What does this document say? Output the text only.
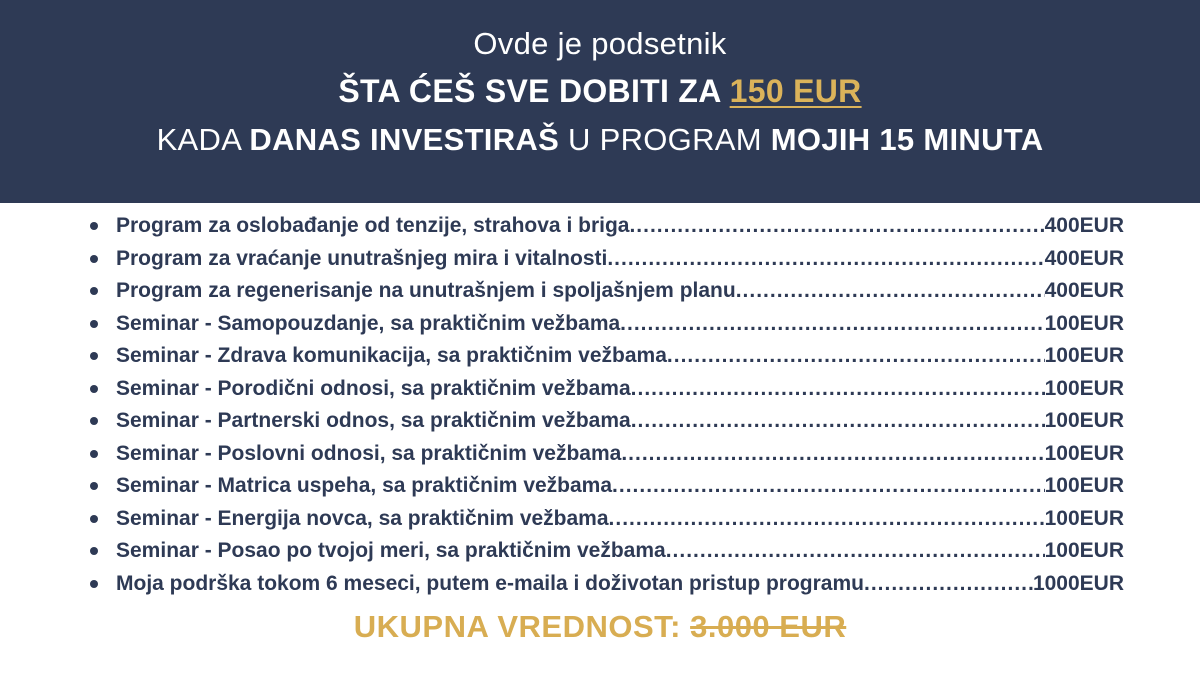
Ovde je podsetnik
ŠTA ĆEŠ SVE DOBITI ZA 150 EUR
KADA DANAS INVESTIRAŠ U PROGRAM MOJIH 15 MINUTA
Program za oslobađanje od tenzije, strahova i briga .....	400EUR
Program za vraćanje unutrašnjeg mira i vitalnosti .....	400EUR
Program za regenerisanje na unutrašnjem i spoljašnjem planu .....	400EUR
Seminar - Samopouzdanje, sa praktičnim vežbama .....	100EUR
Seminar - Zdrava komunikacija, sa praktičnim vežbama .....	100EUR
Seminar - Porodični odnosi, sa praktičnim vežbama .....	100EUR
Seminar - Partnerski odnos, sa praktičnim vežbama .....	100EUR
Seminar - Poslovni odnosi, sa praktičnim vežbama .....	100EUR
Seminar - Matrica uspeha, sa praktičnim vežbama .....	100EUR
Seminar - Energija novca, sa praktičnim vežbama .....	100EUR
Seminar - Posao po tvojoj meri, sa praktičnim vežbama .....	100EUR
Moja podrška tokom 6 meseci, putem e-maila i doživotan pristup programu .....	1000EUR
UKUPNA VREDNOST: 3.000 EUR
